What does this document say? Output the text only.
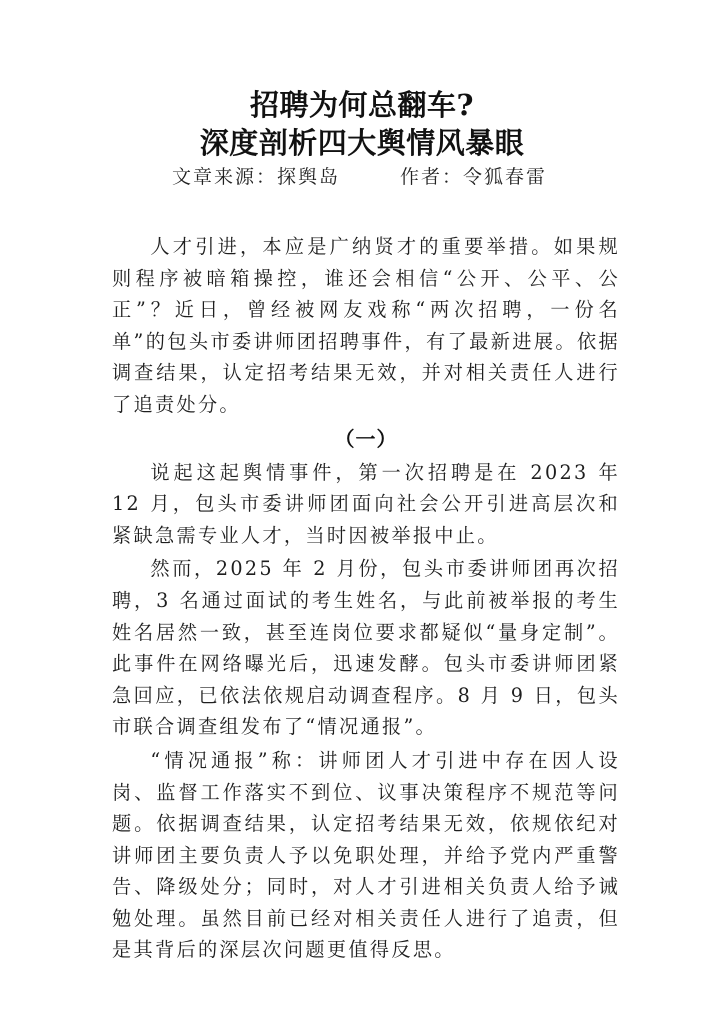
招聘为何总翻车?
深度剖析四大舆情风暴眼
文章来源：探舆岛	作者：令狐春雷

人才引进，本应是广纳贤才的重要举措。如果规则程序被暗箱操控，谁还会相信“公开、公平、公正”？近日，曾经被网友戏称“两次招聘，一份名单”的包头市委讲师团招聘事件，有了最新进展。依据调查结果，认定招考结果无效，并对相关责任人进行了追责处分。

（一）

说起这起舆情事件，第一次招聘是在 2023 年 12 月，包头市委讲师团面向社会公开引进高层次和紧缺急需专业人才，当时因被举报中止。

然而，2025 年 2 月份，包头市委讲师团再次招聘，3 名通过面试的考生姓名，与此前被举报的考生姓名居然一致，甚至连岗位要求都疑似“量身定制”。此事件在网络曝光后，迅速发酵。包头市委讲师团紧急回应，已依法依规启动调查程序。8 月 9 日，包头市联合调查组发布了“情况通报”。

“情况通报”称：讲师团人才引进中存在因人设岗、监督工作落实不到位、议事决策程序不规范等问题。依据调查结果，认定招考结果无效，依规依纪对讲师团主要负责人予以免职处理，并给予党内严重警告、降级处分；同时，对人才引进相关负责人给予诫勉处理。虽然目前已经对相关责任人进行了追责，但是其背后的深层次问题更值得反思。
